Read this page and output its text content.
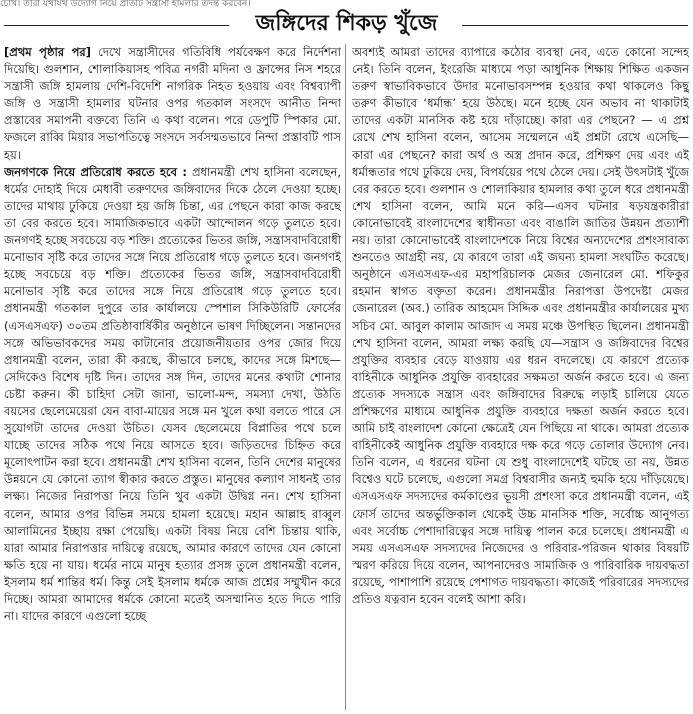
চোখ। তাঁরা যথাযথ উদ্যোগ নিয়ে প্রতিটি সন্ত্রাসী হামলার তদন্ত করবেন।
জঙ্গিদের শিকড় খুঁজে

[প্রথম পৃষ্ঠার পর] দেখে সন্ত্রাসীদের গতিবিধি পর্যবেক্ষণ করে নির্দেশনা দিয়েছি। গুলশান, শোলাকিয়াসহ পবিত্র নগরী মদিনা ও ফ্রান্সের নিস শহরে সন্ত্রাসী জঙ্গি হামলায় দেশি-বিদেশি নাগরিক নিহত হওয়ায় এবং বিশ্বব্যাপী জঙ্গি ও সন্ত্রাসী হামলার ঘটনার ওপর গতকাল সংসদে আনীত নিন্দা প্রস্তাবের সমাপনী বক্তব্যে তিনি এ কথা বলেন। পরে ডেপুটি স্পিকার মো. ফজলে রাব্বি মিয়ার সভাপতিত্বে সংসদে সর্বসম্মতভাবে নিন্দা প্রস্তাবটি পাস হয়।

জনগণকে নিয়ে প্রতিরোধ করতে হবে : প্রধানমন্ত্রী শেখ হাসিনা বলেছেন, ধর্মের দোহাই দিয়ে মেধাবী তরুণদের জঙ্গিবাদের দিকে ঠেলে দেওয়া হচ্ছে। তাদের মাথায় ঢুকিয়ে দেওয়া হয় জঙ্গি চিন্তা, এর পেছনে কারা কাজ করছে তা বের করতে হবে। সামাজিকভাবে একটা আন্দোলন গড়ে তুলতে হবে। জনগণই হচ্ছে সবচেয়ে বড় শক্তি। প্রত্যেকের ভিতর জঙ্গি, সন্ত্রাসবাদবিরোধী মনোভাব সৃষ্টি করে তাদের সঙ্গে নিয়ে প্রতিরোধ গড়ে তুলতে হবে। জনগণই হচ্ছে সবচেয়ে বড় শক্তি। প্রত্যেকের ভিতর জঙ্গি, সন্ত্রাসবাদবিরোধী মনোভাব সৃষ্টি করে তাদের সঙ্গে নিয়ে প্রতিরোধ গড়ে তুলতে হবে। প্রধানমন্ত্রী গতকাল দুপুরে তার কার্যালয়ে স্পেশাল সিকিউরিটি ফোর্সের (এসএসএফ) ৩০তম প্রতিষ্ঠাবার্ষিকীর অনুষ্ঠানে ভাষণ দিচ্ছিলেন। সন্তানদের সঙ্গে অভিভাবকদের সময় কাটানোর প্রয়োজনীয়তার ওপর জোর দিয়ে প্রধানমন্ত্রী বলেন, তারা কী করছে, কীভাবে চলছে, কাদের সঙ্গে মিশছে—সেদিকেও বিশেষ দৃষ্টি দিন। তাদের সঙ্গ দিন, তাদের মনের কথাটা শোনার চেষ্টা করুন। কী চাহিদা সেটা জানা, ভালো-মন্দ, সমস্যা দেখা, উঠতি বয়সের ছেলেমেয়েরা যেন বাবা-মায়ের সঙ্গে মন খুলে কথা বলতে পারে সে সুযোগটা তাদের দেওয়া উচিত। যেসব ছেলেমেয়ে বিপ্লাতির পথে চলে যাচ্ছে তাদের সঠিক পথে নিয়ে আসতে হবে। জড়িতদের চিহ্নিত করে মূলোৎপাটন করা হবে। প্রধানমন্ত্রী শেখ হাসিনা বলেন, তিনি দেশের মানুষের উন্নয়নে যে কোনো ত্যাগ স্বীকার করতে প্রস্তুত। মানুষের কল্যাণ সাধনই তার লক্ষ্য। নিজের নিরাপত্তা নিয়ে তিনি খুব একটা উদ্বিগ্ন নন। শেখ হাসিনা বলেন, আমার ওপর বিভিন্ন সময়ে হামলা হয়েছে। মহান আল্লাহ রাব্বুল আলামিনের ইচ্ছায় রক্ষা পেয়েছি। একটা বিষয় নিয়ে বেশি চিন্তায় থাকি, যারা আমার নিরাপত্তার দায়িত্বে রয়েছে, আমার কারণে তাদের যেন কোনো ক্ষতি হয়ে না যায়। ধর্মের নামে মানুষ হত্যার প্রসঙ্গ তুলে প্রধানমন্ত্রী বলেন, ইসলাম ধর্ম শান্তির ধর্ম। কিন্তু সেই ইসলাম ধর্মকে আজ প্রশ্নের সম্মুখীন করে দিচ্ছে। আমরা আমাদের ধর্মকে কোনো মতেই অসম্মানিত হতে দিতে পারি না। যাদের কারণে এগুলো হচ্ছে

অবশ্যই আমরা তাদের ব্যাপারে কঠোর ব্যবস্থা নেব, এতে কোনো সন্দেহ নেই। তিনি বলেন, ইংরেজি মাধ্যমে পড়া আধুনিক শিক্ষায় শিক্ষিত একজন তরুণ স্বাভাবিকভাবে উদার মনোভাবসম্পন্ন হওয়ার কথা থাকলেও কিছু তরুণ কীভাবে ‘ধর্মান্ধ’ হয়ে উঠছে। মনে হচ্ছে যেন অভাব না থাকাটাই তাদের একটা মানসিক কষ্ট হয়ে দাঁড়াচ্ছে। কারা এর পেছনে? — এ প্রশ্ন রেখে শেখ হাসিনা বলেন, আসেম সম্মেলনে এই প্রশ্নটা রেখে এসেছি— কারা এর পেছনে? কারা অর্থ ও অস্ত্র প্রদান করে, প্রশিক্ষণ দেয় এবং এই ধর্মান্ধতার পথে ঢুকিয়ে দেয়, বিপর্যয়ের পথে ঠেলে দেয়। সেই উৎসটাই খুঁজে বের করতে হবে। গুলশান ও শোলাকিয়ার হামলার কথা তুলে ধরে প্রধানমন্ত্রী শেখ হাসিনা বলেন, আমি মনে করি—এসব ঘটনার ষড়যন্ত্রকারীরা কোনোভাবেই বাংলাদেশের স্বাধীনতা এবং বাঙালি জাতির উন্নয়ন প্রত্যাশী নয়। তারা কোনোভাবেই বাংলাদেশকে নিয়ে বিশ্বের অন্যদেশের প্রশংসাবাক্য শুনতেও আগ্রহী নয়, যে কারণে তারা এই জঘন্য হামলা সংঘটিত করেছে। অনুষ্ঠানে এসএসএফ-এর মহাপরিচালক মেজর জেনারেল মো. শফিকুর রহমান স্বাগত বক্তৃতা করেন। প্রধানমন্ত্রীর নিরাপত্তা উপদেষ্টা মেজর জেনারেল (অব.) তারিক আহমেদ সিদ্দিক এবং প্রধানমন্ত্রীর কার্যালয়ের মুখ্য সচিব মো. আবুল কালাম আজাদ এ সময় মঞ্চে উপস্থিত ছিলেন। প্রধানমন্ত্রী শেখ হাসিনা বলেন, আমরা লক্ষ্য করছি যে—সন্ত্রাস ও জঙ্গিবাদের বিশ্বের প্রযুক্তির ব্যবহার বেড়ে যাওয়ায় এর ধরন বদলেছে। যে কারণে প্রত্যেক বাহিনীকে আধুনিক প্রযুক্তি ব্যবহারের সক্ষমতা অর্জন করতে হবে। এ জন্য প্রত্যেক সদস্যকে সন্ত্রাস এবং জঙ্গিবাদের বিরুদ্ধে লড়াই চালিয়ে যেতে প্রশিক্ষণের মাধ্যমে আধুনিক প্রযুক্তি ব্যবহারে দক্ষতা অর্জন করতে হবে। আমি চাই বাংলাদেশ কোনো ক্ষেত্রেই যেন পিছিয়ে না থাকে। আমরা প্রত্যেক বাহিনীকেই আধুনিক প্রযুক্তি ব্যবহারে দক্ষ করে গড়ে তোলার উদ্যোগ নেব। তিনি বলেন, এ ধরনের ঘটনা যে শুধু বাংলাদেশেই ঘটছে তা নয়, উন্নত বিশ্বেও ঘটে চলেছে, এগুলো সমগ্র বিশ্ববাসীর জন্যই হুমকি হয়ে দাঁড়িয়েছে। এসএসএফ সদস্যদের কর্মকাণ্ডের ভূয়সী প্রশংসা করে প্রধানমন্ত্রী বলেন, এই ফোর্স তাদের অন্তর্ভুক্তিকাল থেকেই উচ্চ মানসিক শক্তি, সর্বোচ্চ আনুগত্য এবং সর্বোচ্চ পেশাদারিত্বের সঙ্গে দায়িত্ব পালন করে চলেছে। প্রধানমন্ত্রী এ সময় এসএসএফ সদস্যদের নিজেদের ও পরিবার-পরিজন থাকার বিষয়টি স্মরণ করিয়ে দিয়ে বলেন, আপনাদেরও সামাজিক ও পারিবারিক দায়বদ্ধতা রয়েছে, পাশাপাশি রয়েছে পেশাগত দায়বদ্ধতা। কাজেই পরিবারের সদস্যদের প্রতিও যত্নবান হবেন বলেই আশা করি।
